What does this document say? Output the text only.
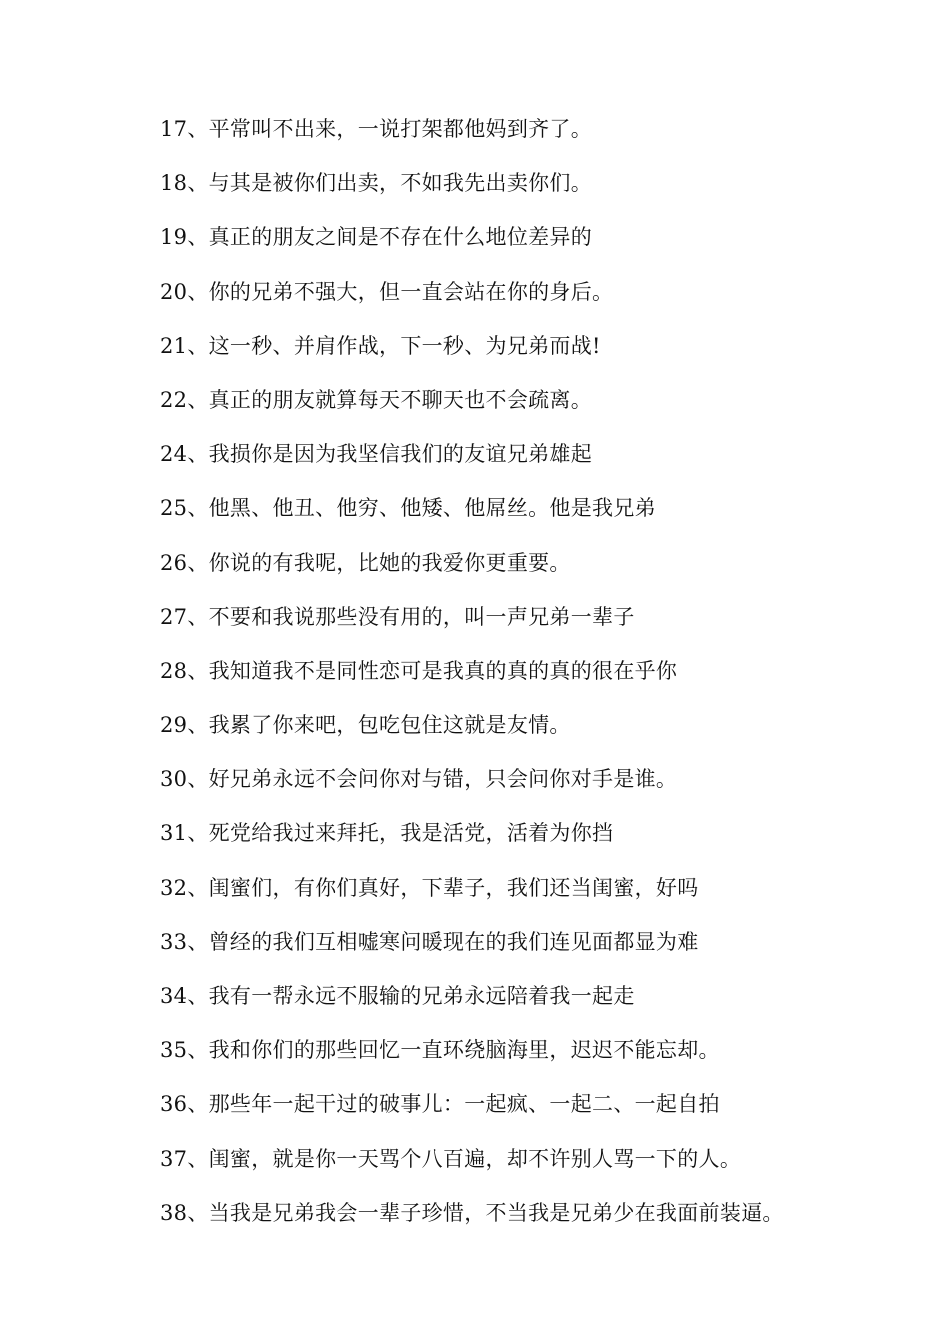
17、平常叫不出来，一说打架都他妈到齐了。
18、与其是被你们出卖，不如我先出卖你们。
19、真正的朋友之间是不存在什么地位差异的
20、你的兄弟不强大，但一直会站在你的身后。
21、这一秒、并肩作战，下一秒、为兄弟而战!
22、真正的朋友就算每天不聊天也不会疏离。
24、我损你是因为我坚信我们的友谊兄弟雄起
25、他黑、他丑、他穷、他矮、他屌丝。他是我兄弟
26、你说的有我呢，比她的我爱你更重要。
27、不要和我说那些没有用的，叫一声兄弟一辈子
28、我知道我不是同性恋可是我真的真的真的很在乎你
29、我累了你来吧，包吃包住这就是友情。
30、好兄弟永远不会问你对与错，只会问你对手是谁。
31、死党给我过来拜托，我是活党，活着为你挡
32、闺蜜们，有你们真好，下辈子，我们还当闺蜜，好吗
33、曾经的我们互相嘘寒问暖现在的我们连见面都显为难
34、我有一帮永远不服输的兄弟永远陪着我一起走
35、我和你们的那些回忆一直环绕脑海里，迟迟不能忘却。
36、那些年一起干过的破事儿：一起疯、一起二、一起自拍
37、闺蜜，就是你一天骂个八百遍，却不许别人骂一下的人。
38、当我是兄弟我会一辈子珍惜，不当我是兄弟少在我面前装逼。
